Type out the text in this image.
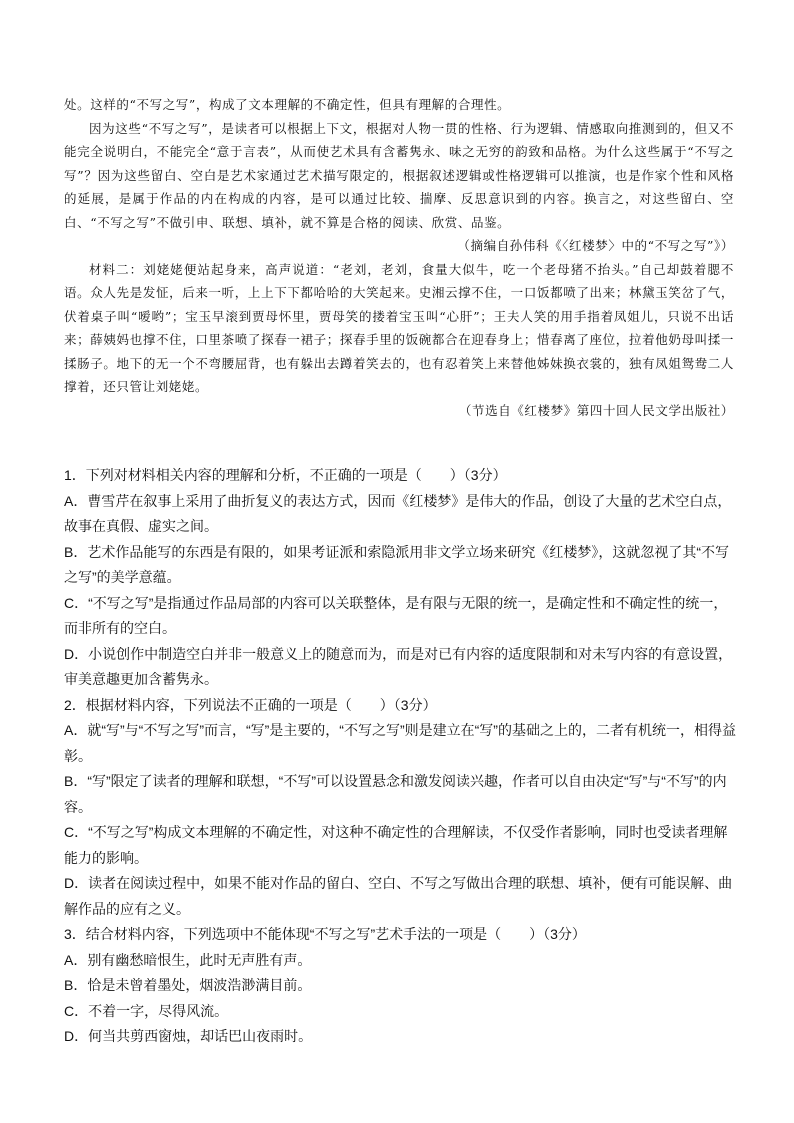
处。这样的“不写之写”，构成了文本理解的不确定性，但具有理解的合理性。

因为这些“不写之写”，是读者可以根据上下文，根据对人物一贯的性格、行为逻辑、情感取向推测到的，但又不能完全说明白，不能完全“意于言表”，从而使艺术具有含蓄隽永、味之无穷的韵致和品格。为什么这些属于“不写之写”？因为这些留白、空白是艺术家通过艺术描写限定的，根据叙述逻辑或性格逻辑可以推演，也是作家个性和风格的延展，是属于作品的内在构成的内容，是可以通过比较、揣摩、反思意识到的内容。换言之，对这些留白、空白、“不写之写”不做引申、联想、填补，就不算是合格的阅读、欣赏、品鉴。

（摘编自孙伟科《〈红楼梦〉中的“不写之写”》）

材料二：刘姥姥便站起身来，高声说道：“老刘，老刘，食量大似牛，吃一个老母猪不抬头。”自己却鼓着腮不语。众人先是发怔，后来一听，上上下下都哈哈的大笑起来。史湘云撑不住，一口饭都喷了出来；林黛玉笑岔了气，伏着桌子叫“嗳哟”；宝玉早滚到贾母怀里，贾母笑的搂着宝玉叫“心肝”；王夫人笑的用手指着凤姐儿，只说不出话来；薛姨妈也撑不住，口里茶喷了探春一裙子；探春手里的饭碗都合在迎春身上；惜春离了座位，拉着他奶母叫揉一揉肠子。地下的无一个不弯腰屈背，也有躲出去蹲着笑去的，也有忍着笑上来替他姊妹换衣裳的，独有凤姐鸳鸯二人撑着，还只管让刘姥姥。

（节选自《红楼梦》第四十回人民文学出版社）

1．下列对材料相关内容的理解和分析，不正确的一项是（　　）（3分）

A．曹雪芹在叙事上采用了曲折复义的表达方式，因而《红楼梦》是伟大的作品，创设了大量的艺术空白点，故事在真假、虚实之间。

B．艺术作品能写的东西是有限的，如果考证派和索隐派用非文学立场来研究《红楼梦》，这就忽视了其“不写之写”的美学意蕴。

C．“不写之写”是指通过作品局部的内容可以关联整体，是有限与无限的统一，是确定性和不确定性的统一，而非所有的空白。

D．小说创作中制造空白并非一般意义上的随意而为，而是对已有内容的适度限制和对未写内容的有意设置，审美意趣更加含蓄隽永。

2．根据材料内容，下列说法不正确的一项是（　　）（3分）

A．就“写”与“不写之写”而言，“写”是主要的，“不写之写”则是建立在“写”的基础之上的，二者有机统一，相得益彰。

B．“写”限定了读者的理解和联想，“不写”可以设置悬念和激发阅读兴趣，作者可以自由决定“写”与“不写”的内容。

C．“不写之写”构成文本理解的不确定性，对这种不确定性的合理解读，不仅受作者影响，同时也受读者理解能力的影响。

D．读者在阅读过程中，如果不能对作品的留白、空白、不写之写做出合理的联想、填补，便有可能误解、曲解作品的应有之义。

3．结合材料内容，下列选项中不能体现“不写之写”艺术手法的一项是（　　）（3分）

A．别有幽愁暗恨生，此时无声胜有声。

B．恰是未曾着墨处，烟波浩渺满目前。

C．不着一字，尽得风流。

D．何当共剪西窗烛，却话巴山夜雨时。
